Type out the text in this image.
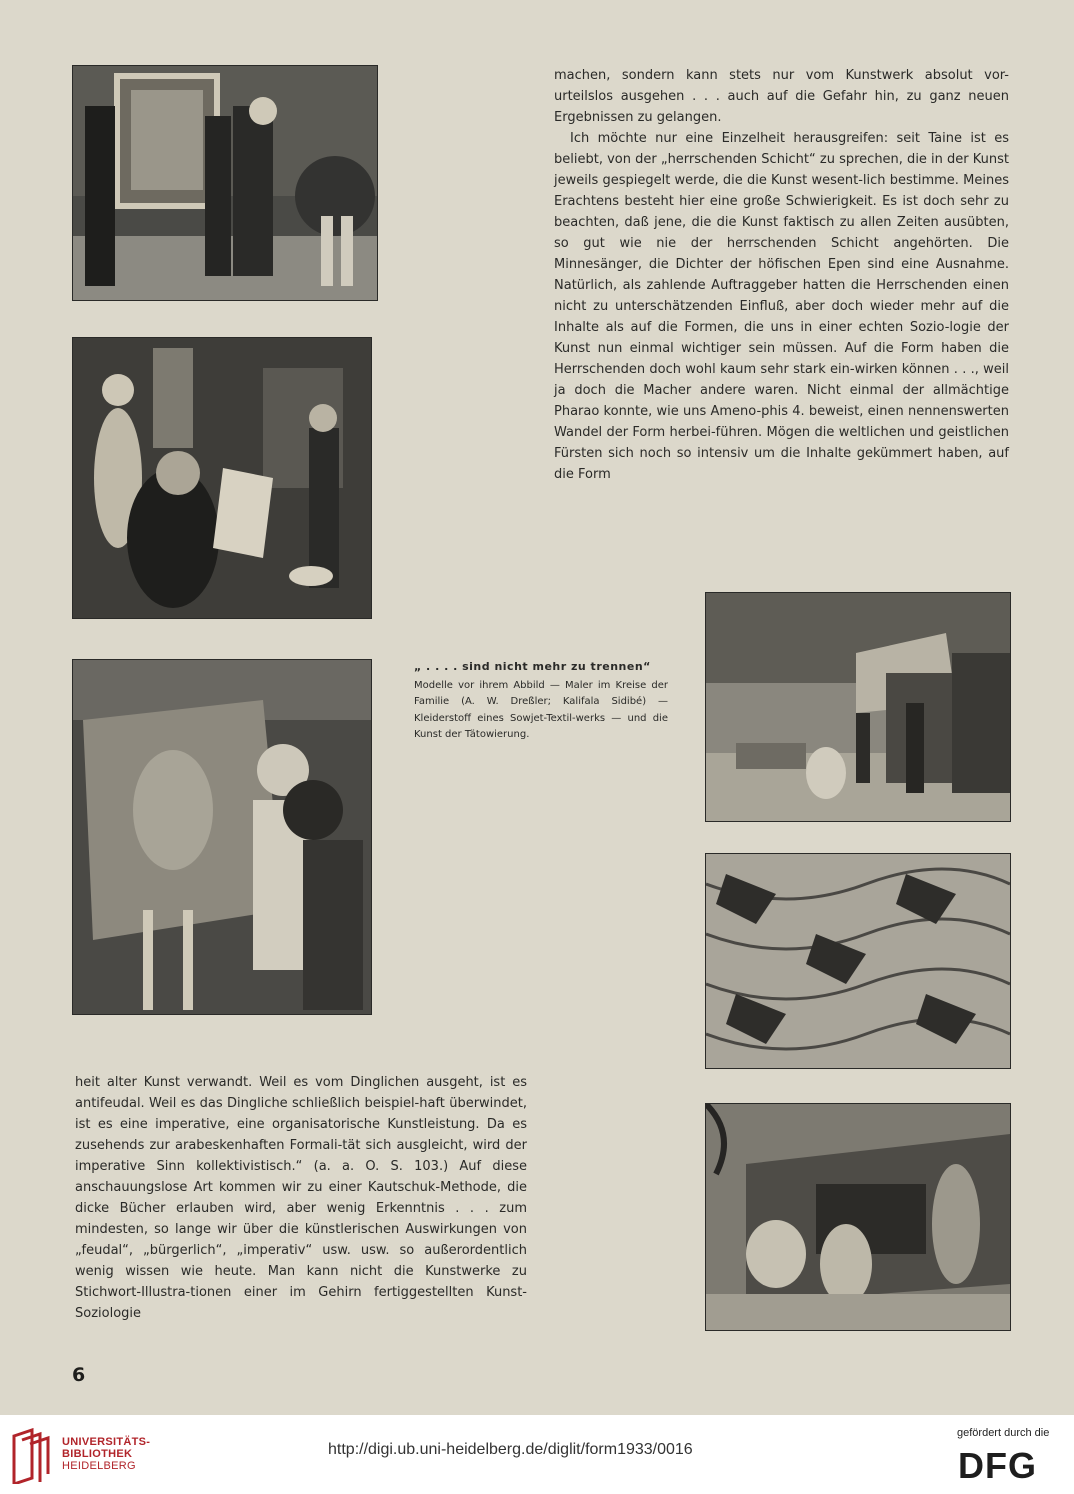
machen, sondern kann stets nur vom Kunstwerk absolut vor-urteilslos ausgehen . . . auch auf die Gefahr hin, zu ganz neuen Ergebnissen zu gelangen.

Ich möchte nur eine Einzelheit herausgreifen: seit Taine ist es beliebt, von der „herrschenden Schicht“ zu sprechen, die in der Kunst jeweils gespiegelt werde, die die Kunst wesent-lich bestimme. Meines Erachtens besteht hier eine große Schwierigkeit. Es ist doch sehr zu beachten, daß jene, die die Kunst faktisch zu allen Zeiten ausübten, so gut wie nie der herrschenden Schicht angehörten. Die Minnesänger, die Dichter der höfischen Epen sind eine Ausnahme. Natürlich, als zahlende Auftraggeber hatten die Herrschenden einen nicht zu unterschätzenden Einfluß, aber doch wieder mehr auf die Inhalte als auf die Formen, die uns in einer echten Sozio-logie der Kunst nun einmal wichtiger sein müssen. Auf die Form haben die Herrschenden doch wohl kaum sehr stark ein-wirken können . . ., weil ja doch die Macher andere waren. Nicht einmal der allmächtige Pharao konnte, wie uns Ameno-phis 4. beweist, einen nennenswerten Wandel der Form herbei-führen. Mögen die weltlichen und geistlichen Fürsten sich noch so intensiv um die Inhalte gekümmert haben, auf die Form

„ . . . . sind nicht mehr zu trennen“
Modelle vor ihrem Abbild — Maler im Kreise der Familie (A. W. Dreßler; Kalifala Sidibé) — Kleiderstoff eines Sowjet-Textil-werks — und die Kunst der Tätowierung.

heit alter Kunst verwandt. Weil es vom Dinglichen ausgeht, ist es antifeudal. Weil es das Dingliche schließlich beispiel-haft überwindet, ist es eine imperative, eine organisatorische Kunstleistung. Da es zusehends zur arabeskenhaften Formali-tät sich ausgleicht, wird der imperative Sinn kollektivistisch.“ (a. a. O. S. 103.) Auf diese anschauungslose Art kommen wir zu einer Kautschuk-Methode, die dicke Bücher erlauben wird, aber wenig Erkenntnis . . . zum mindesten, so lange wir über die künstlerischen Auswirkungen von „feudal“, „bürgerlich“, „imperativ“ usw. usw. so außerordentlich wenig wissen wie heute. Man kann nicht die Kunstwerke zu Stichwort-Illustra-tionen einer im Gehirn fertiggestellten Kunst-Soziologie

6
UNIVERSITÄTS-
BIBLIOTHEK
HEIDELBERG
http://digi.ub.uni-heidelberg.de/diglit/form1933/0016
gefördert durch die
DFG
